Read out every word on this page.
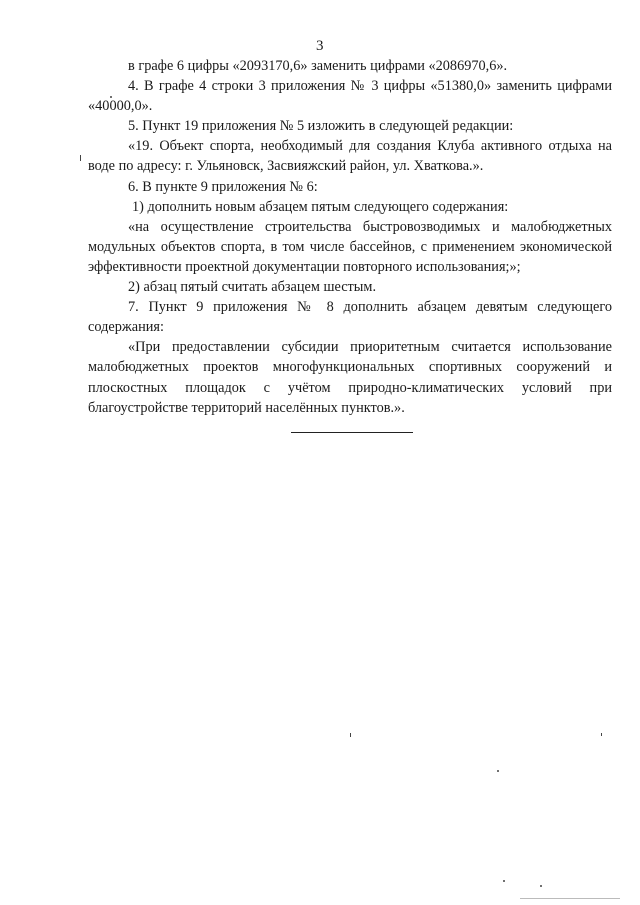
3

в графе 6 цифры «2093170,6» заменить цифрами «2086970,6».

4. В графе 4 строки 3 приложения № 3 цифры «51380,0» заменить цифрами «40000,0».

5. Пункт 19 приложения № 5 изложить в следующей редакции:

«19. Объект спорта, необходимый для создания Клуба активного отдыха на воде по адресу: г. Ульяновск, Засвияжский район, ул. Хваткова.».

6. В пункте 9 приложения № 6:

1) дополнить новым абзацем пятым следующего содержания:

«на осуществление строительства быстровозводимых и малобюджетных модульных объектов спорта, в том числе бассейнов, с применением экономической эффективности проектной документации повторного использования;»;

2) абзац пятый считать абзацем шестым.

7. Пункт 9 приложения № 8 дополнить абзацем девятым следующего содержания:

«При предоставлении субсидии приоритетным считается использование малобюджетных проектов многофункциональных спортивных сооружений и плоскостных площадок с учётом природно-климатических условий при благоустройстве территорий населённых пунктов.».
